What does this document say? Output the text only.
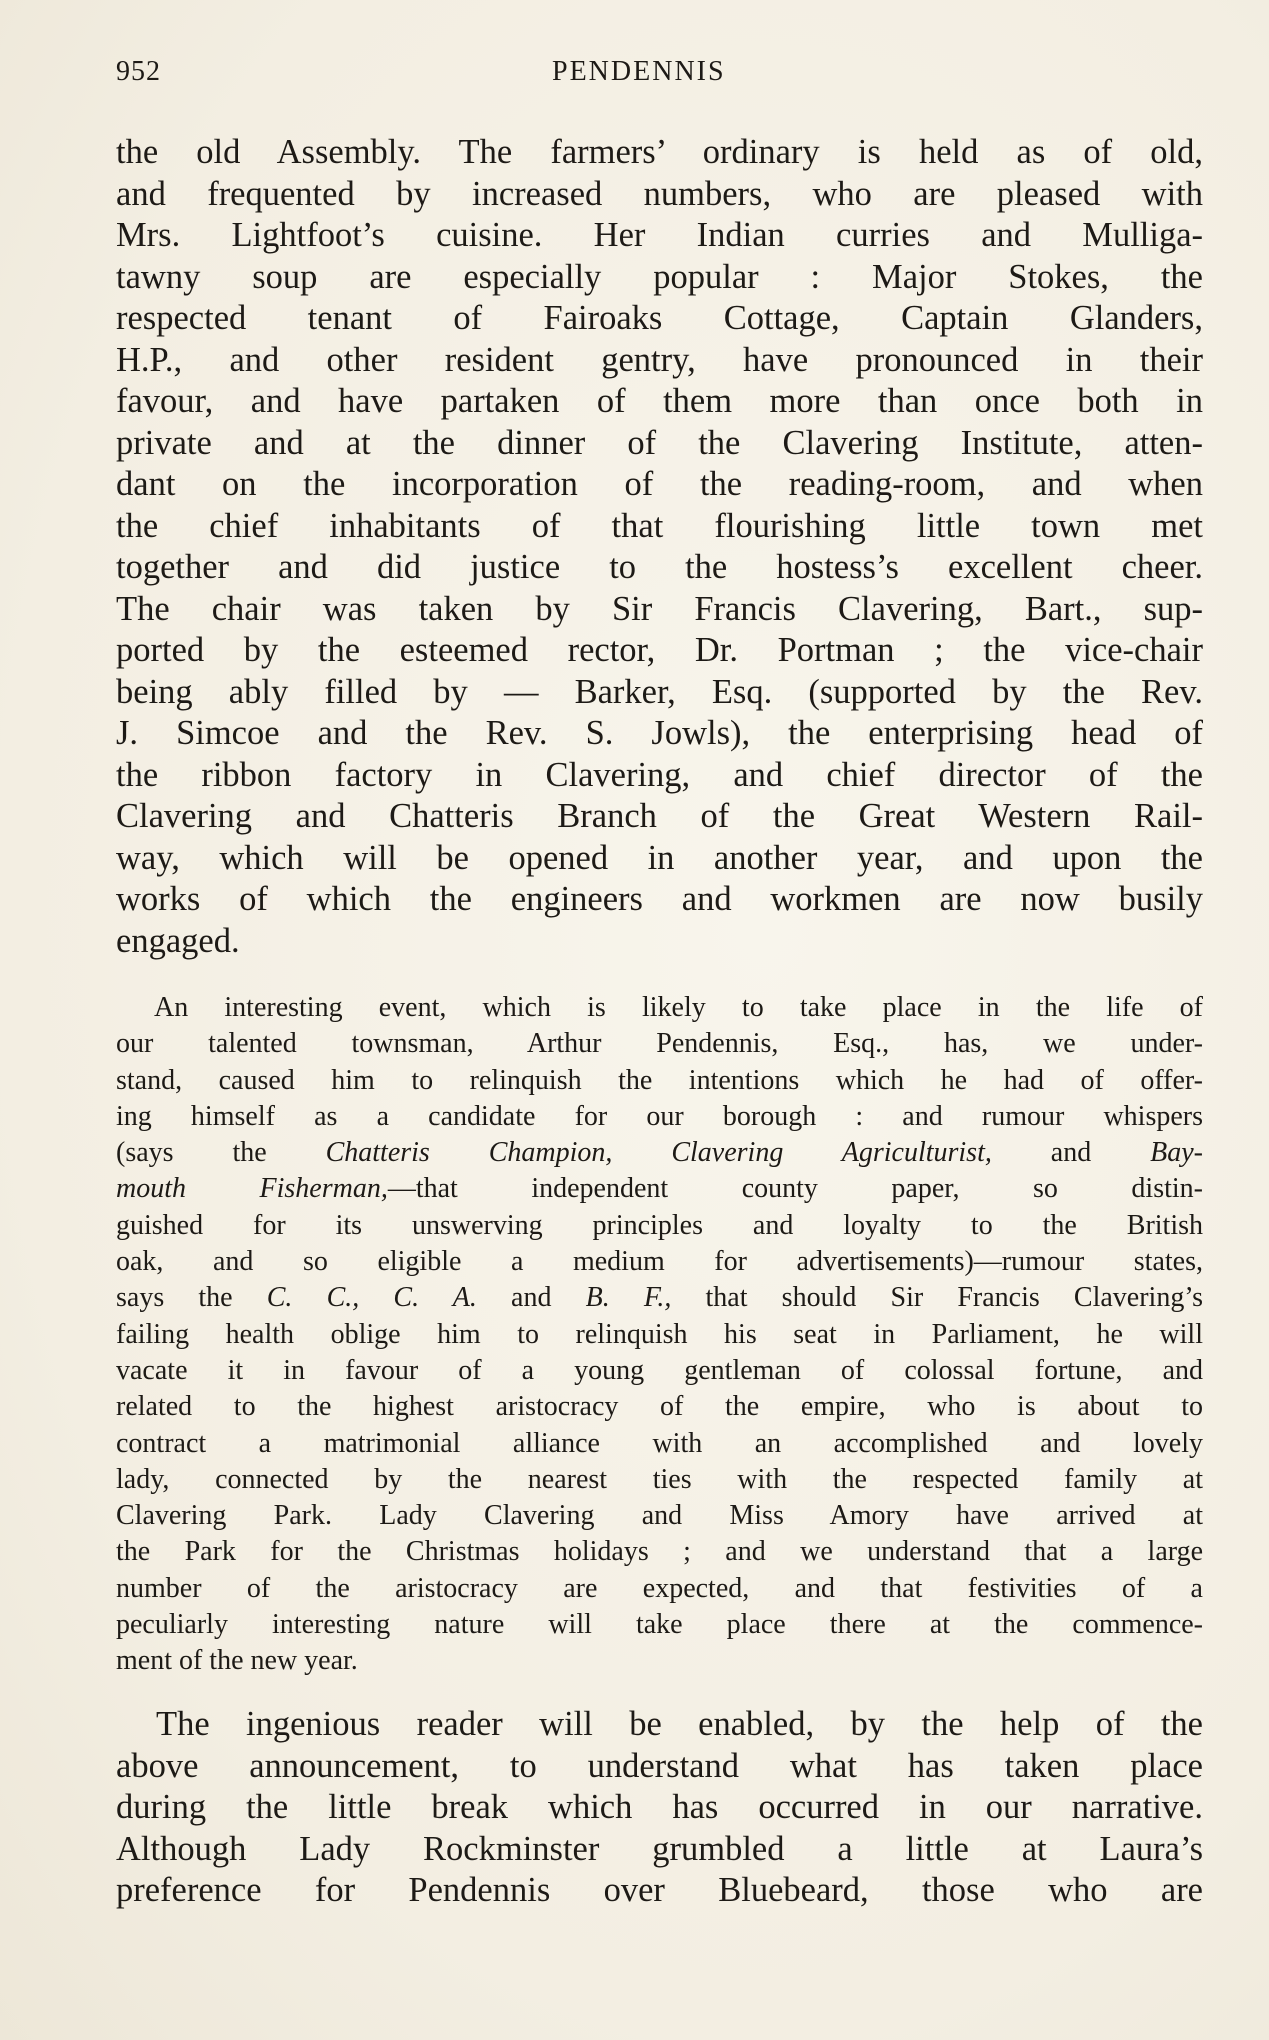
952	PENDENNIS
the old Assembly. The farmers’ ordinary is held as of old,
and frequented by increased numbers, who are pleased with
Mrs. Lightfoot’s cuisine. Her Indian curries and Mulliga-
tawny soup are especially popular : Major Stokes, the
respected tenant of Fairoaks Cottage, Captain Glanders,
H.P., and other resident gentry, have pronounced in their
favour, and have partaken of them more than once both in
private and at the dinner of the Clavering Institute, atten-
dant on the incorporation of the reading-room, and when
the chief inhabitants of that flourishing little town met
together and did justice to the hostess’s excellent cheer.
The chair was taken by Sir Francis Clavering, Bart., sup-
ported by the esteemed rector, Dr. Portman ; the vice-chair
being ably filled by — Barker, Esq. (supported by the Rev.
J. Simcoe and the Rev. S. Jowls), the enterprising head of
the ribbon factory in Clavering, and chief director of the
Clavering and Chatteris Branch of the Great Western Rail-
way, which will be opened in another year, and upon the
works of which the engineers and workmen are now busily
engaged.
An interesting event, which is likely to take place in the life of
our talented townsman, Arthur Pendennis, Esq., has, we under-
stand, caused him to relinquish the intentions which he had of offer-
ing himself as a candidate for our borough : and rumour whispers
(says the Chatteris Champion, Clavering Agriculturist, and Bay-
mouth Fisherman,—that independent county paper, so distin-
guished for its unswerving principles and loyalty to the British
oak, and so eligible a medium for advertisements)—rumour states,
says the C. C., C. A. and B. F., that should Sir Francis Clavering’s
failing health oblige him to relinquish his seat in Parliament, he will
vacate it in favour of a young gentleman of colossal fortune, and
related to the highest aristocracy of the empire, who is about to
contract a matrimonial alliance with an accomplished and lovely
lady, connected by the nearest ties with the respected family at
Clavering Park. Lady Clavering and Miss Amory have arrived at
the Park for the Christmas holidays ; and we understand that a large
number of the aristocracy are expected, and that festivities of a
peculiarly interesting nature will take place there at the commence-
ment of the new year.
The ingenious reader will be enabled, by the help of the
above announcement, to understand what has taken place
during the little break which has occurred in our narrative.
Although Lady Rockminster grumbled a little at Laura’s
preference for Pendennis over Bluebeard, those who are
